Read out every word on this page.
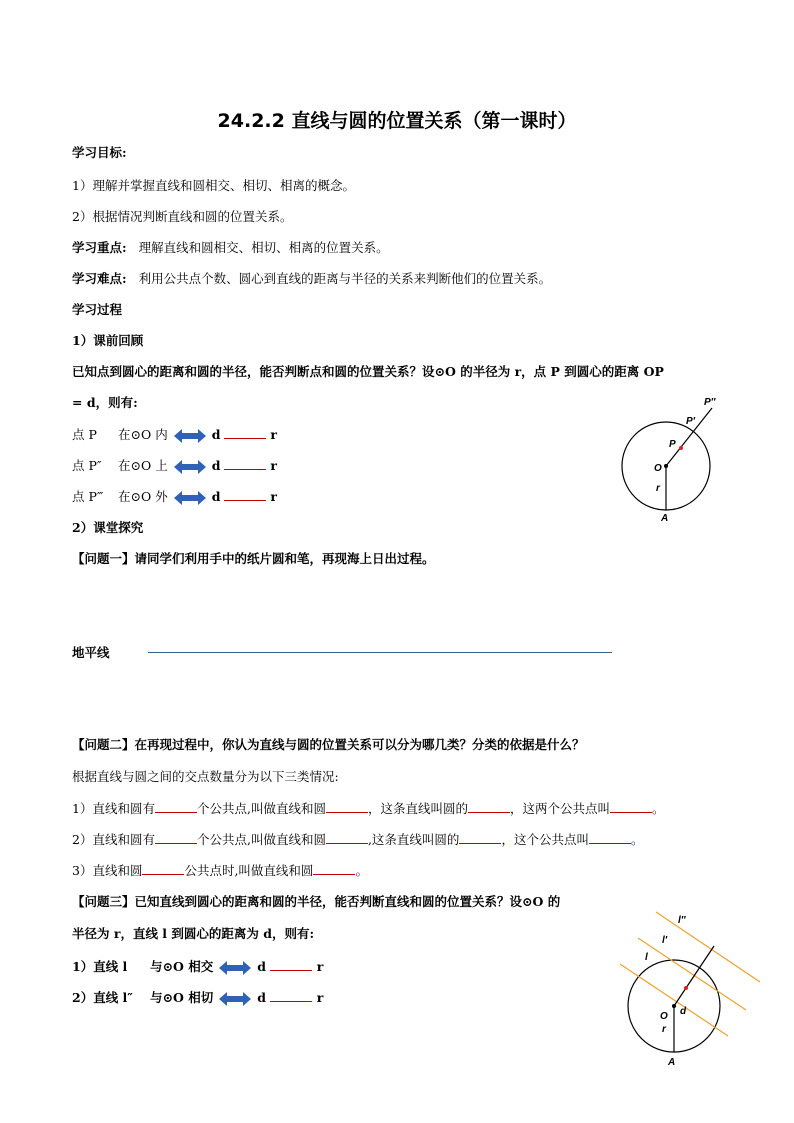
24.2.2 直线与圆的位置关系（第一课时）
学习目标:
1）理解并掌握直线和圆相交、相切、相离的概念。
2）根据情况判断直线和圆的位置关系。
学习重点: 理解直线和圆相交、相切、相离的位置关系。
学习难点: 利用公共点个数、圆心到直线的距离与半径的关系来判断他们的位置关系。
学习过程
1）课前回顾
已知点到圆心的距离和圆的半径，能否判断点和圆的位置关系？设⊙O 的半径为 r，点 P 到圆心的距离 OP
= d，则有:
点 P 在⊙O 内	d	r
点 P″ 在⊙O 上	d	r
点 P‴ 在⊙O 外	d	r
P″
P′
P
O
r
A
2）课堂探究
【问题一】请同学们利用手中的纸片圆和笔，再现海上日出过程。
地平线
【问题二】在再现过程中，你认为直线与圆的位置关系可以分为哪几类？分类的依据是什么？
根据直线与圆之间的交点数量分为以下三类情况:
1）直线和圆有	个公共点,叫做直线和圆	，这条直线叫圆的	，这两个公共点叫	。
2）直线和圆有	个公共点,叫做直线和圆	,这条直线叫圆的	，这个公共点叫	。
3）直线和圆	公共点时,叫做直线和圆	。
【问题三】已知直线到圆心的距离和圆的半径，能否判断直线和圆的位置关系？设⊙O 的
半径为 r，直线 l 到圆心的距离为 d，则有:
1）直线 l 与⊙O 相交	d	r
2）直线 l″ 与⊙O 相切	d	r
l″
l′
l
O d
r
A
